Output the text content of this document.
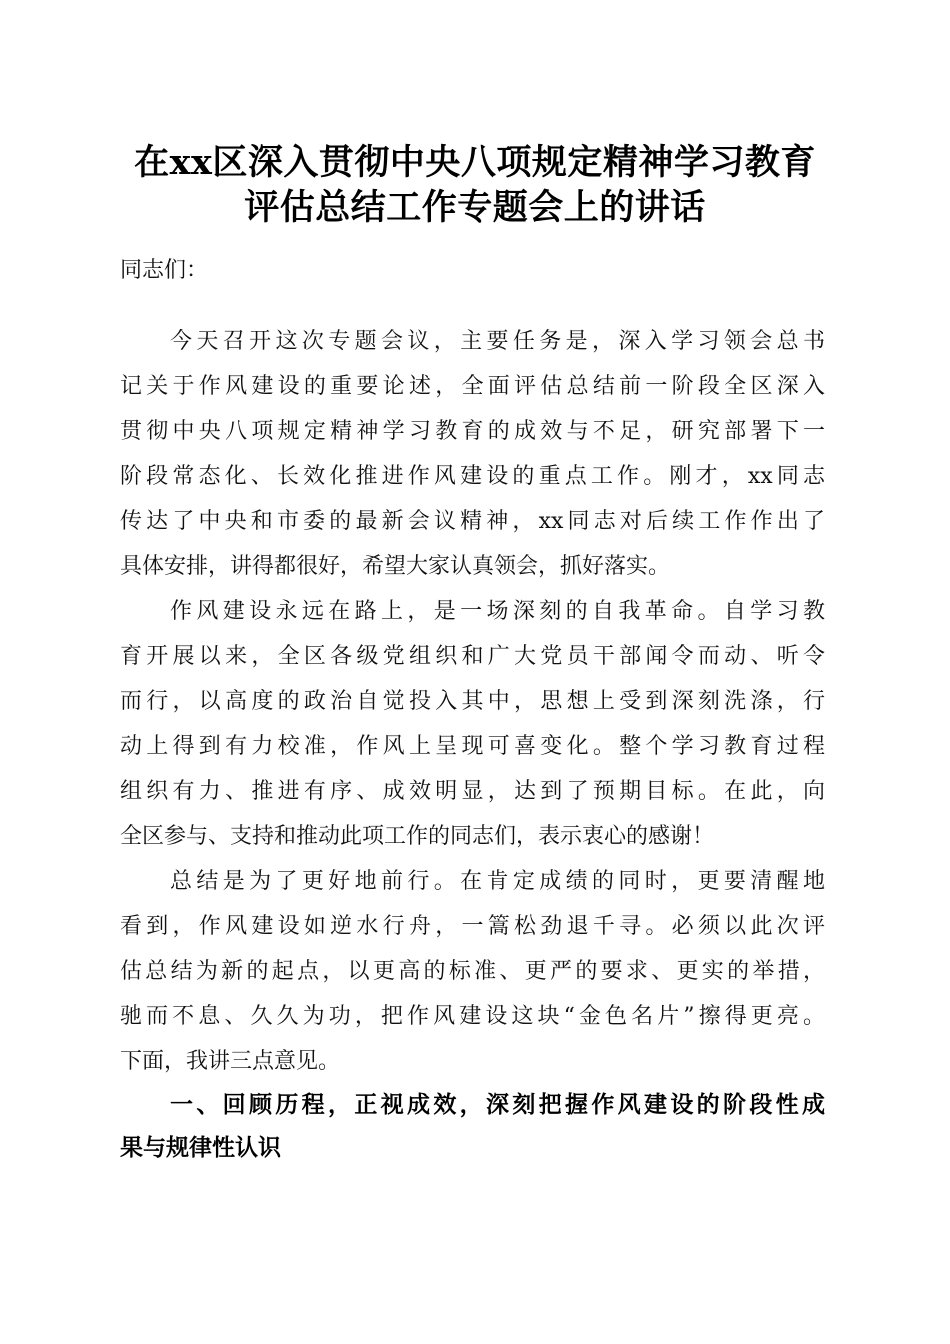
在xx区深入贯彻中央八项规定精神学习教育
评估总结工作专题会上的讲话
同志们：
今天召开这次专题会议，主要任务是，深入学习领会总书
记关于作风建设的重要论述，全面评估总结前一阶段全区深入
贯彻中央八项规定精神学习教育的成效与不足，研究部署下一
阶段常态化、长效化推进作风建设的重点工作。刚才，xx同志
传达了中央和市委的最新会议精神，xx同志对后续工作作出了
具体安排，讲得都很好，希望大家认真领会，抓好落实。
作风建设永远在路上，是一场深刻的自我革命。自学习教
育开展以来，全区各级党组织和广大党员干部闻令而动、听令
而行，以高度的政治自觉投入其中，思想上受到深刻洗涤，行
动上得到有力校准，作风上呈现可喜变化。整个学习教育过程
组织有力、推进有序、成效明显，达到了预期目标。在此，向
全区参与、支持和推动此项工作的同志们，表示衷心的感谢！
总结是为了更好地前行。在肯定成绩的同时，更要清醒地
看到，作风建设如逆水行舟，一篙松劲退千寻。必须以此次评
估总结为新的起点，以更高的标准、更严的要求、更实的举措，
驰而不息、久久为功，把作风建设这块“金色名片”擦得更亮。
下面，我讲三点意见。
一、回顾历程，正视成效，深刻把握作风建设的阶段性成
果与规律性认识
